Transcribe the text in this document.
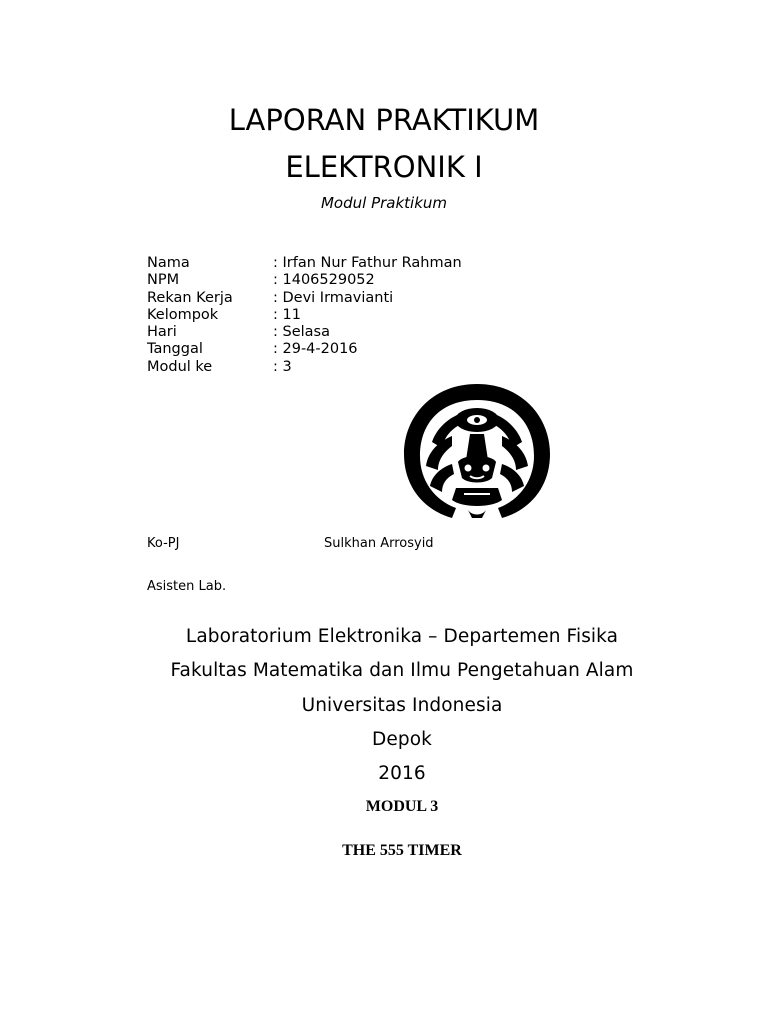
LAPORAN PRAKTIKUM
ELEKTRONIK I
Modul Praktikum
Nama	: Irfan Nur Fathur Rahman
NPM	: 1406529052
Rekan Kerja	: Devi Irmavianti
Kelompok	: 11
Hari	: Selasa
Tanggal	: 29-4-2016
Modul ke	: 3
Ko-PJ	Sulkhan Arrosyid
Asisten Lab.
Laboratorium Elektronika – Departemen Fisika
Fakultas Matematika dan Ilmu Pengetahuan Alam
Universitas Indonesia
Depok
2016
MODUL 3
THE 555 TIMER
